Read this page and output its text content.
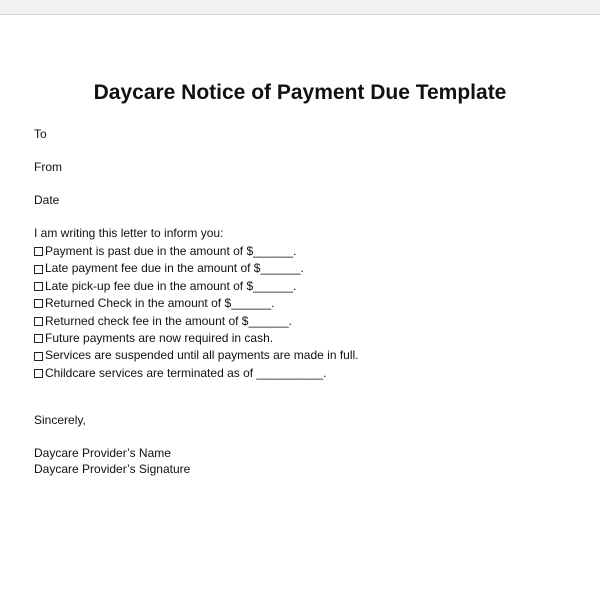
Daycare Notice of Payment Due Template
To
From
Date
I am writing this letter to inform you:
Payment is past due in the amount of $______.
Late payment fee due in the amount of $______.
Late pick-up fee due in the amount of $______.
Returned Check in the amount of $______.
Returned check fee in the amount of $______.
Future payments are now required in cash.
Services are suspended until all payments are made in full.
Childcare services are terminated as of __________.
Sincerely,
Daycare Provider’s Name
Daycare Provider’s Signature
